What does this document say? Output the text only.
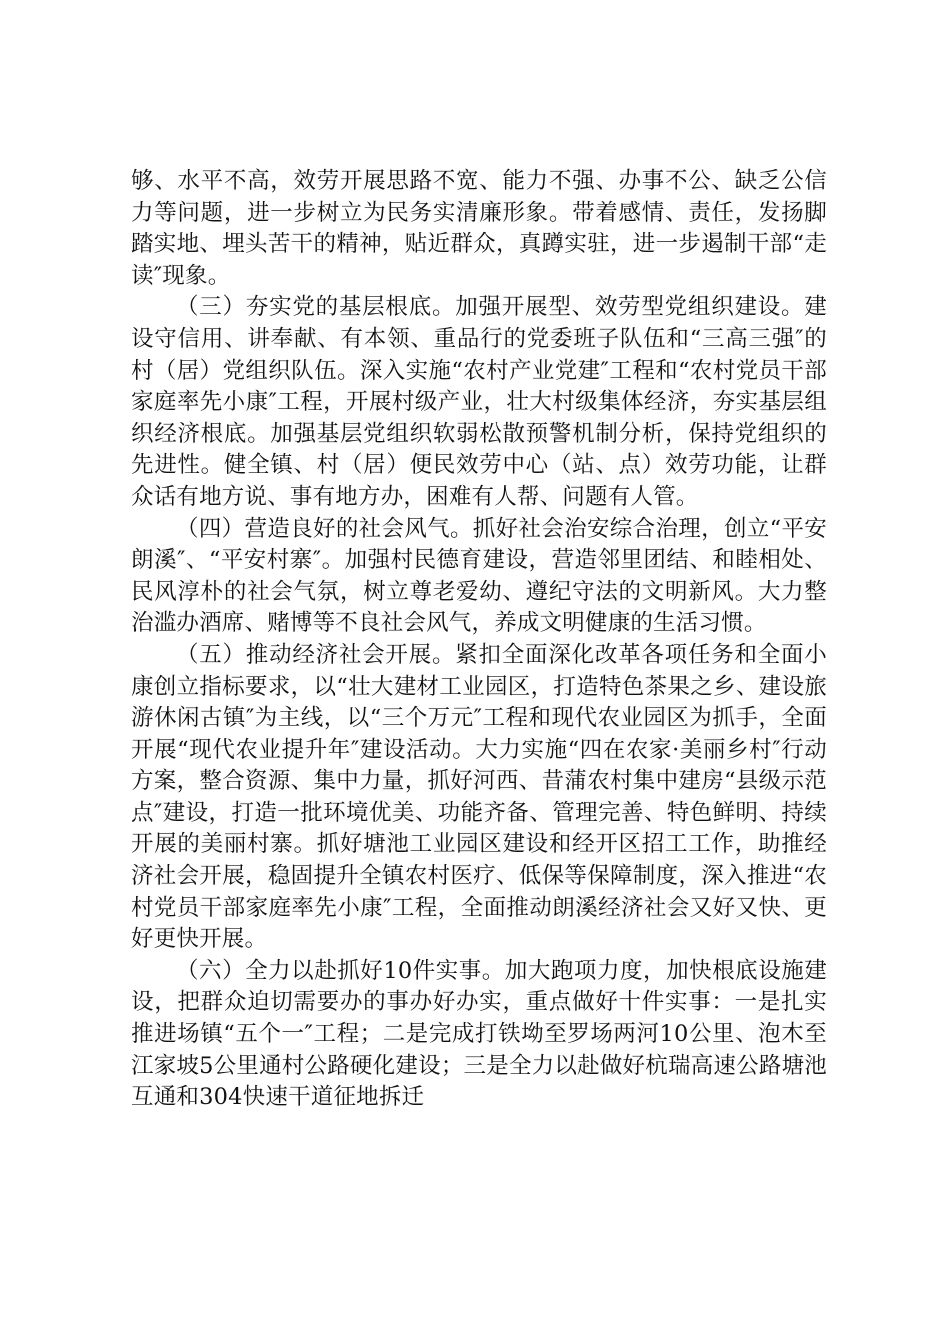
够、水平不高，效劳开展思路不宽、能力不强、办事不公、缺乏公信力等问题，进一步树立为民务实清廉形象。带着感情、责任，发扬脚踏实地、埋头苦干的精神，贴近群众，真蹲实驻，进一步遏制干部“走读″现象。

（三）夯实党的基层根底。加强开展型、效劳型党组织建设。建设守信用、讲奉献、有本领、重品行的党委班子队伍和“三高三强″的村（居）党组织队伍。深入实施“农村产业党建″工程和“农村党员干部家庭率先小康″工程，开展村级产业，壮大村级集体经济，夯实基层组织经济根底。加强基层党组织软弱松散预警机制分析，保持党组织的先进性。健全镇、村（居）便民效劳中心（站、点）效劳功能，让群众话有地方说、事有地方办，困难有人帮、问题有人管。

（四）营造良好的社会风气。抓好社会治安综合治理，创立“平安朗溪″、“平安村寨″。加强村民德育建设，营造邻里团结、和睦相处、民风淳朴的社会气氛，树立尊老爱幼、遵纪守法的文明新风。大力整治滥办酒席、赌博等不良社会风气，养成文明健康的生活习惯。

（五）推动经济社会开展。紧扣全面深化改革各项任务和全面小康创立指标要求，以“壮大建材工业园区，打造特色茶果之乡、建设旅游休闲古镇″为主线，以“三个万元″工程和现代农业园区为抓手，全面开展“现代农业提升年″建设活动。大力实施“四在农家·美丽乡村″行动方案，整合资源、集中力量，抓好河西、昔蒲农村集中建房“县级示范点″建设，打造一批环境优美、功能齐备、管理完善、特色鲜明、持续开展的美丽村寨。抓好塘池工业园区建设和经开区招工工作，助推经济社会开展，稳固提升全镇农村医疗、低保等保障制度，深入推进“农村党员干部家庭率先小康″工程，全面推动朗溪经济社会又好又快、更好更快开展。

（六）全力以赴抓好10件实事。加大跑项力度，加快根底设施建设，把群众迫切需要办的事办好办实，重点做好十件实事：一是扎实推进场镇“五个一″工程；二是完成打铁坳至罗场两河10公里、泡木至江家坡5公里通村公路硬化建设；三是全力以赴做好杭瑞高速公路塘池互通和304快速干道征地拆迁
